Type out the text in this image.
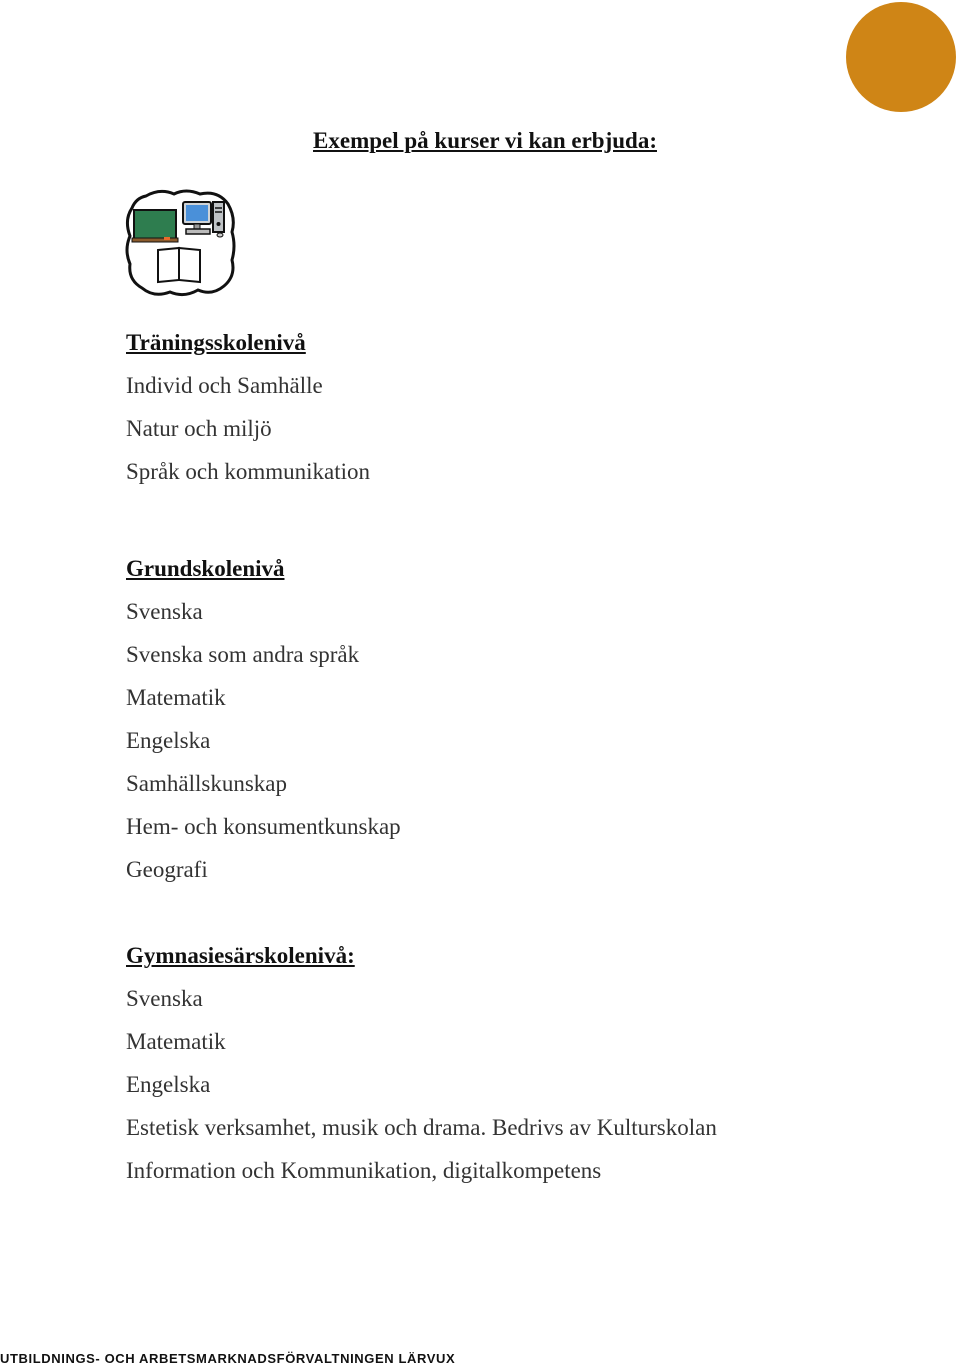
Exempel på kurser vi kan erbjuda:
Träningsskolenivå
Individ och Samhälle
Natur och miljö
Språk och kommunikation
Grundskolenivå
Svenska
Svenska som andra språk
Matematik
Engelska
Samhällskunskap
Hem- och konsumentkunskap
Geografi
Gymnasiesärskolenivå:
Svenska
Matematik
Engelska
Estetisk verksamhet, musik och drama. Bedrivs av Kulturskolan
Information och Kommunikation, digitalkompetens
UTBILDNINGS- OCH ARBETSMARKNADSFÖRVALTNINGEN LÄRVUX
